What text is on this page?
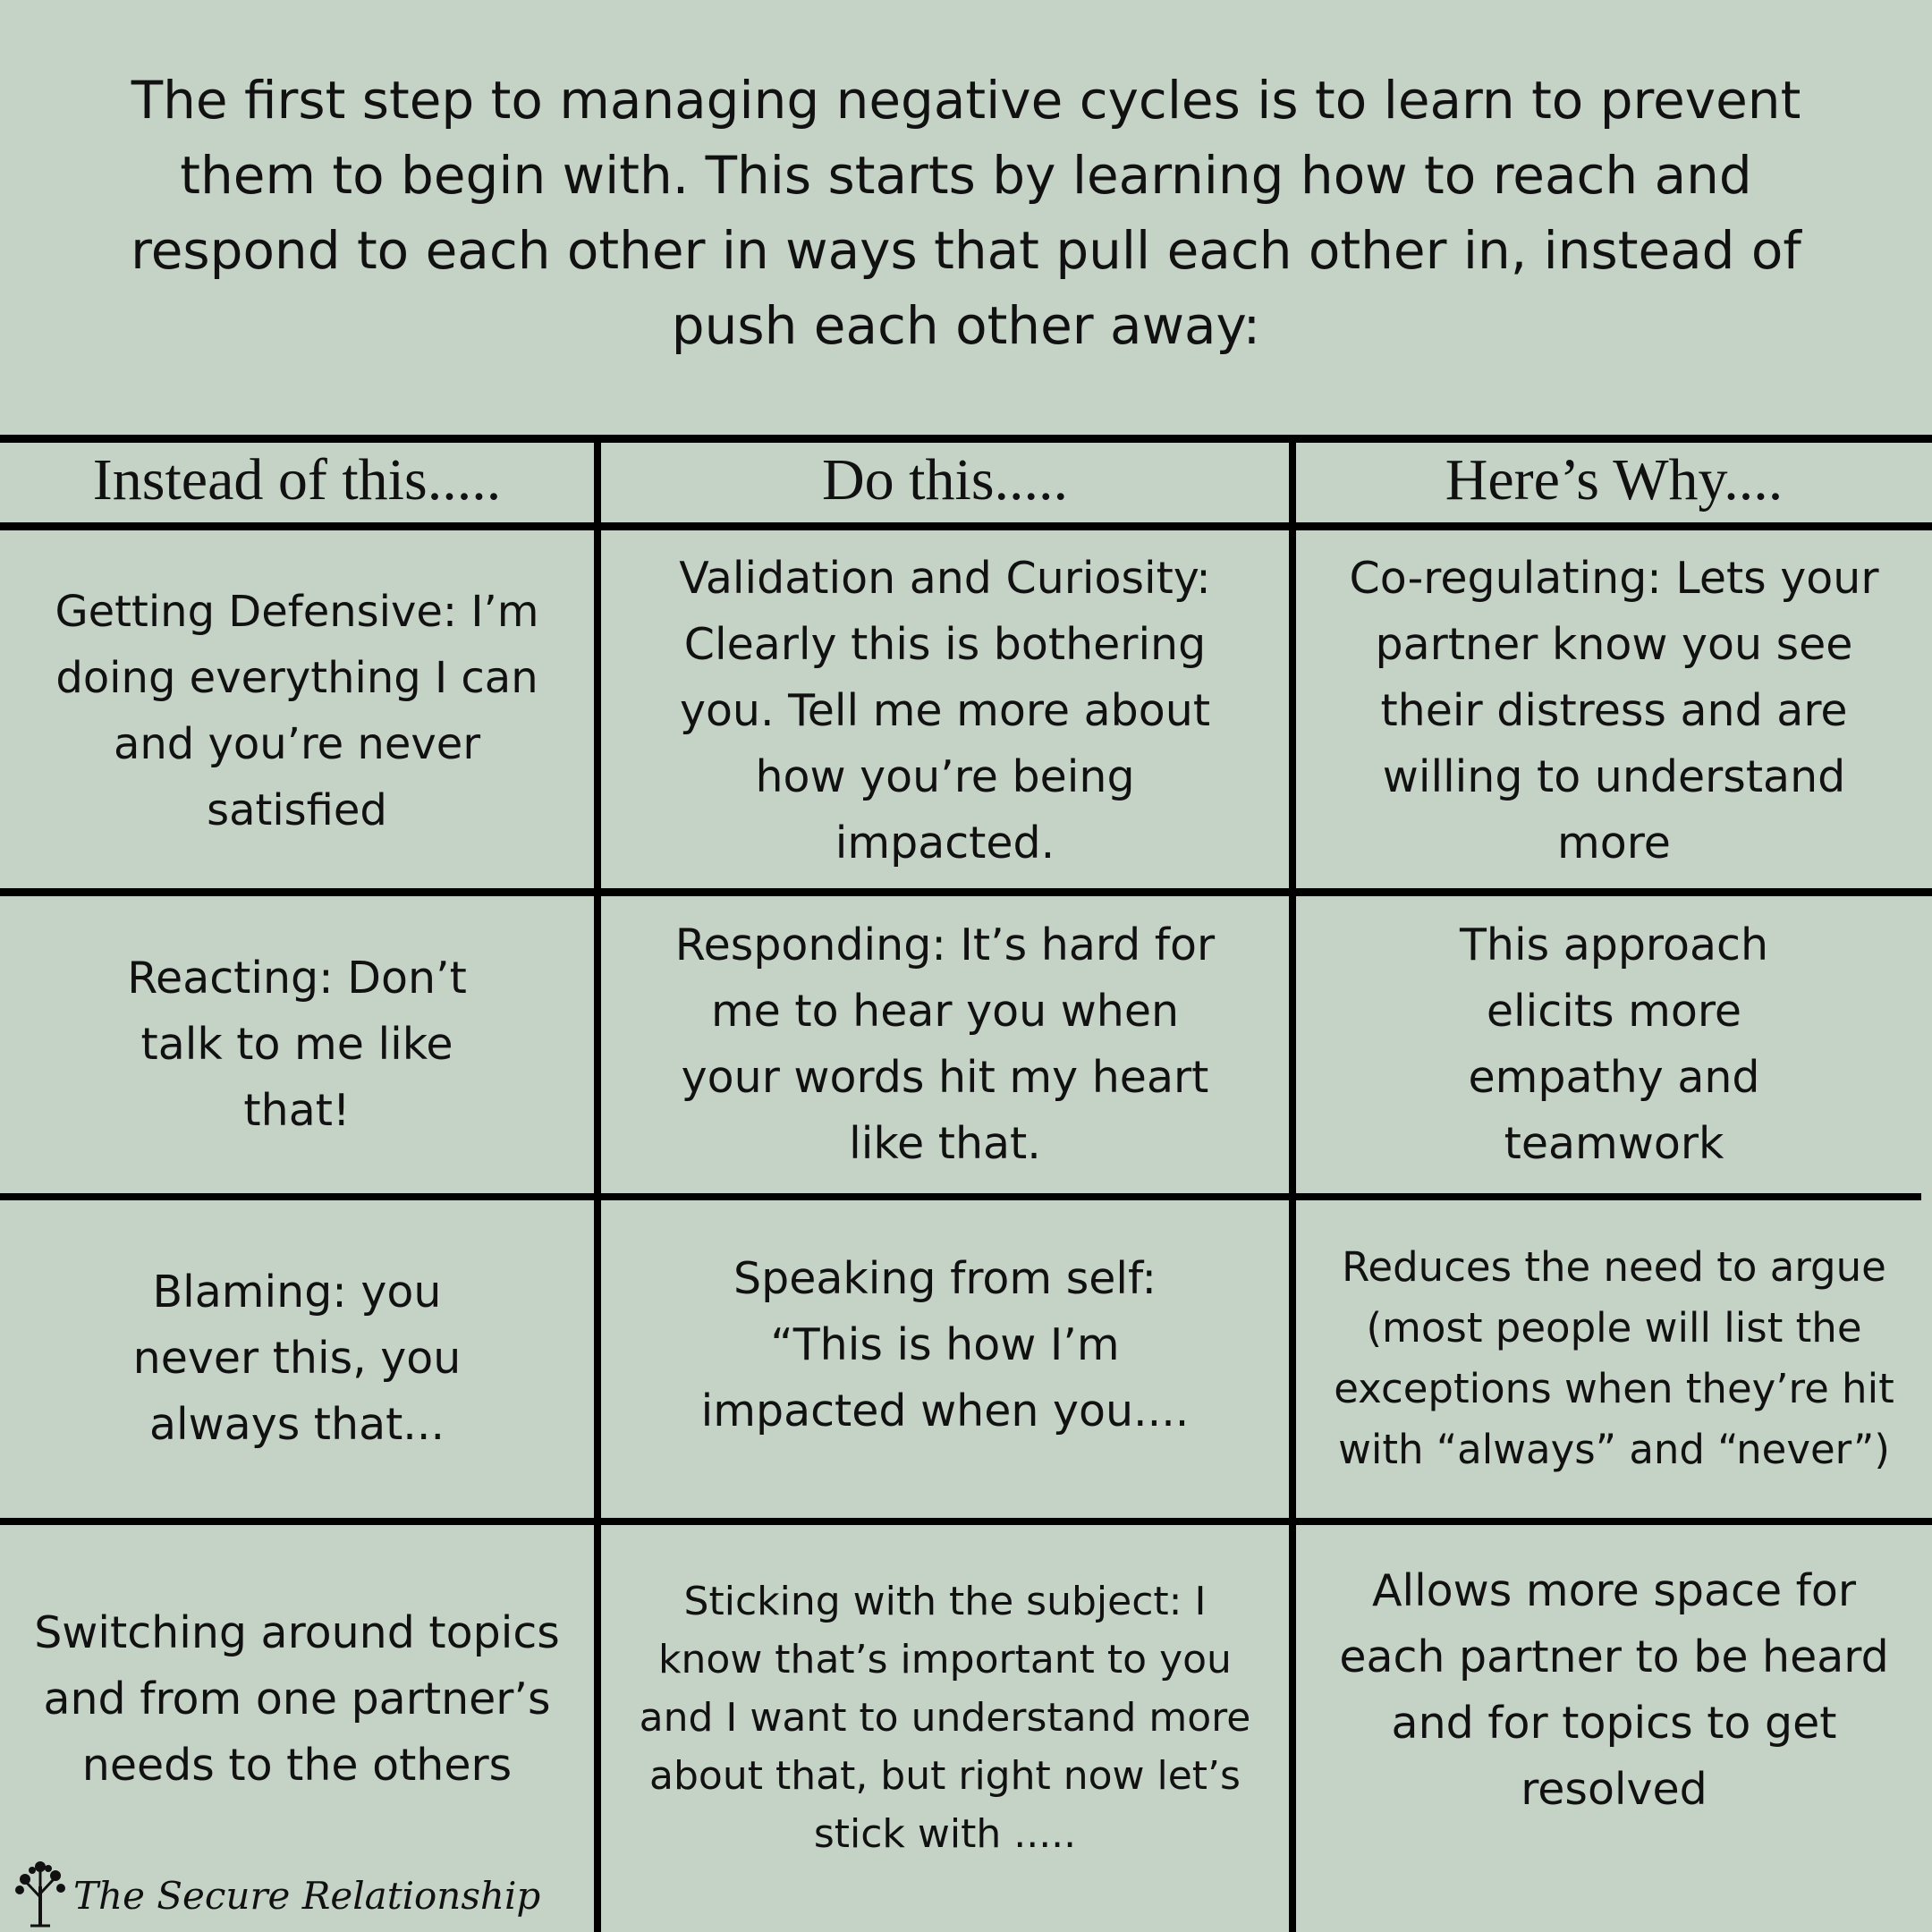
The first step to managing negative cycles is to learn to prevent them to begin with. This starts by learning how to reach and respond to each other in ways that pull each other in, instead of push each other away:
Instead of this.....	Do this.....	Here’s Why....
Getting Defensive: I’m doing everything I can and you’re never satisfied
Validation and Curiosity: Clearly this is bothering you. Tell me more about how you’re being impacted.
Co-regulating: Lets your partner know you see their distress and are willing to understand more
Reacting: Don’t talk to me like that!
Responding: It’s hard for me to hear you when your words hit my heart like that.
This approach elicits more empathy and teamwork
Blaming: you never this, you always that...
Speaking from self: “This is how I’m impacted when you....
Reduces the need to argue (most people will list the exceptions when they’re hit with “always” and “never”)
Switching around topics and from one partner’s needs to the others
Sticking with the subject: I know that’s important to you and I want to understand more about that, but right now let’s stick with .....
Allows more space for each partner to be heard and for topics to get resolved
The Secure Relationship
